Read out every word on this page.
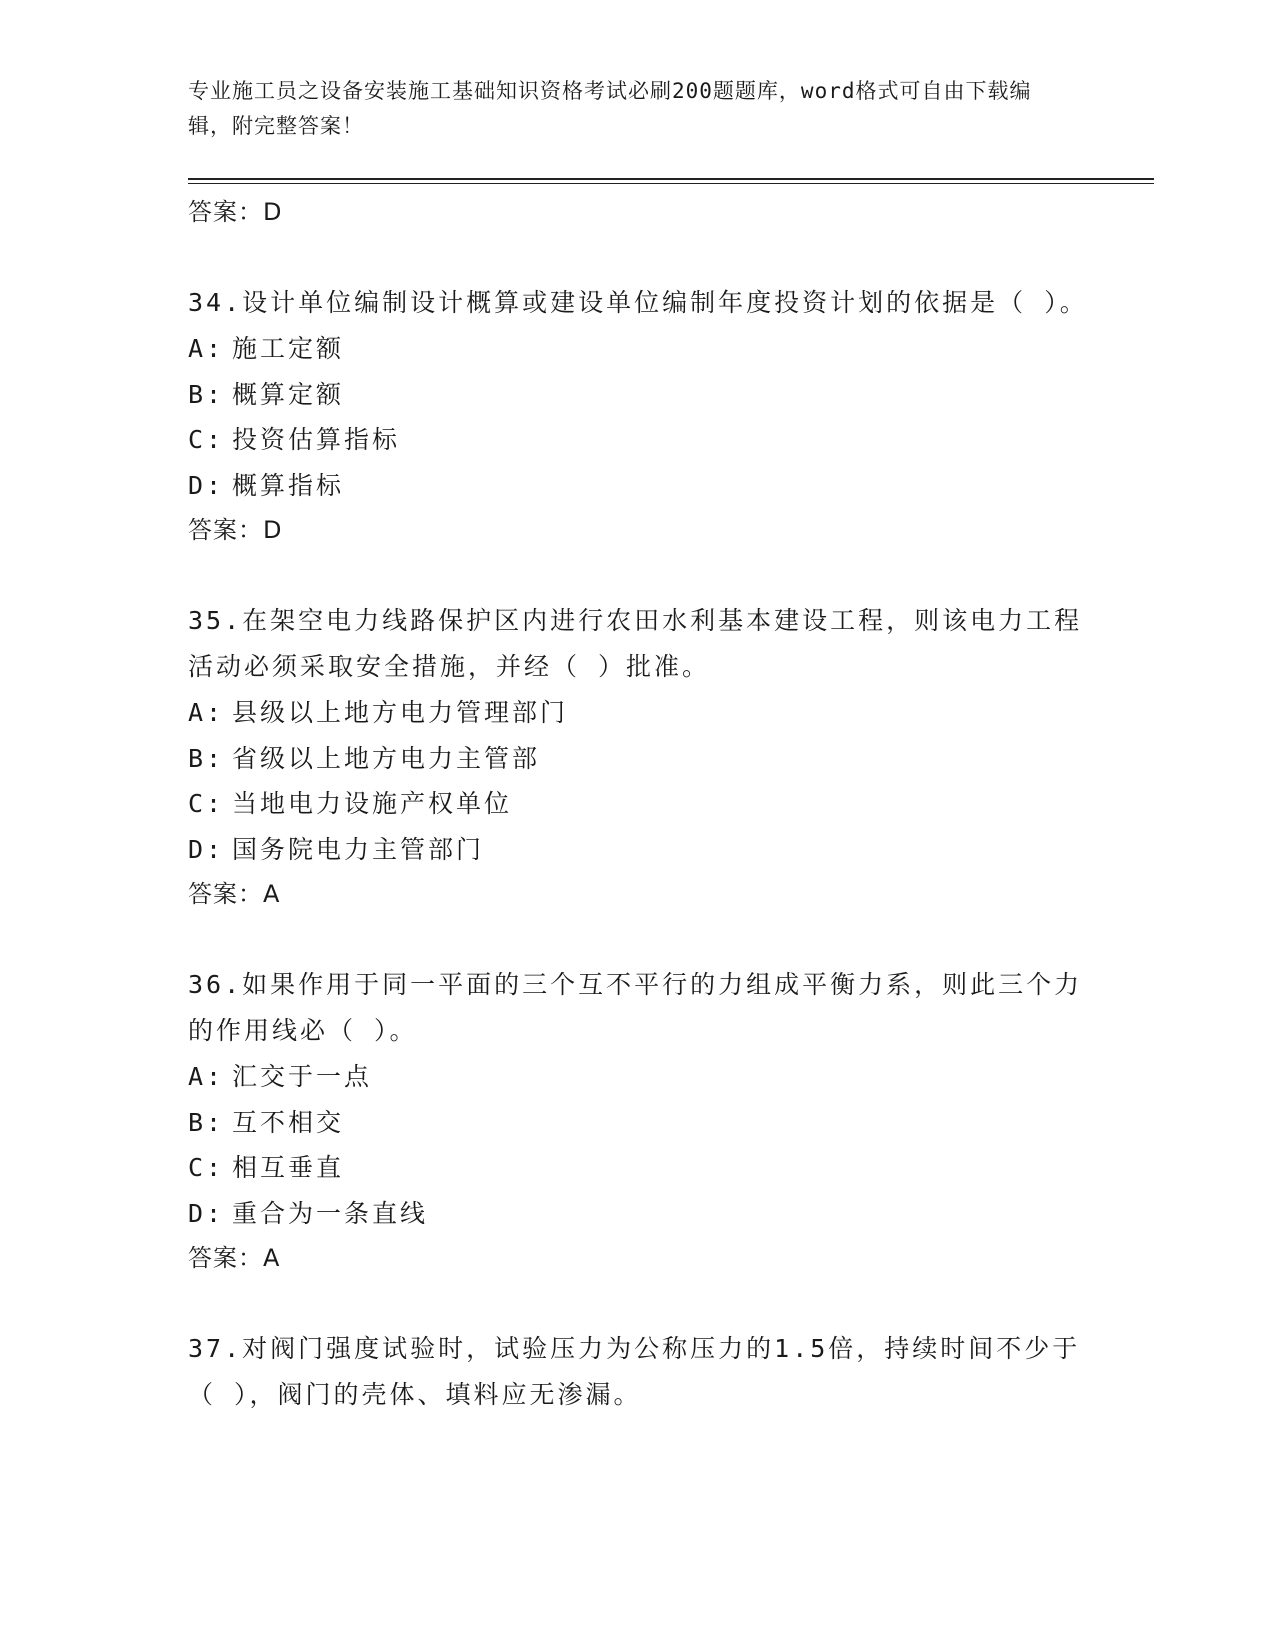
专业施工员之设备安装施工基础知识资格考试必刷200题题库，word格式可自由下载编辑，附完整答案！
答案：D

34.设计单位编制设计概算或建设单位编制年度投资计划的依据是（ ）。

A: 施工定额
B: 概算定额
C: 投资估算指标
D: 概算指标
答案：D

35.在架空电力线路保护区内进行农田水利基本建设工程，则该电力工程活动必须采取安全措施，并经（ ）批准。

A: 县级以上地方电力管理部门
B: 省级以上地方电力主管部
C: 当地电力设施产权单位
D: 国务院电力主管部门
答案：A

36.如果作用于同一平面的三个互不平行的力组成平衡力系，则此三个力的作用线必（ ）。

A: 汇交于一点
B: 互不相交
C: 相互垂直
D: 重合为一条直线
答案：A

37.对阀门强度试验时，试验压力为公称压力的1.5倍，持续时间不少于（ ），阀门的壳体、填料应无渗漏。
